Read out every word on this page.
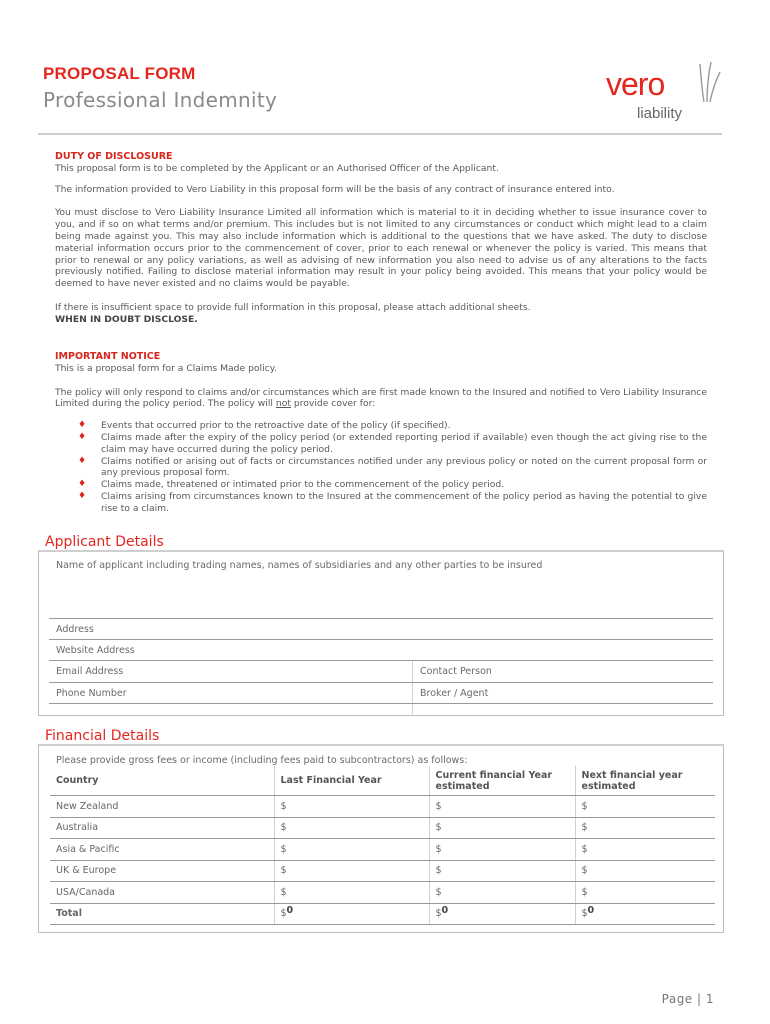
PROPOSAL FORM
Professional Indemnity	vero
liability
DUTY OF DISCLOSURE
This proposal form is to be completed by the Applicant or an Authorised Officer of the Applicant.
The information provided to Vero Liability in this proposal form will be the basis of any contract of insurance entered into.
You must disclose to Vero Liability Insurance Limited all information which is material to it in deciding whether to issue insurance cover to you, and if so on what terms and/or premium. This includes but is not limited to any circumstances or conduct which might lead to a claim being made against you. This may also include information which is additional to the questions that we have asked. The duty to disclose material information occurs prior to the commencement of cover, prior to each renewal or whenever the policy is varied. This means that prior to renewal or any policy variations, as well as advising of new information you also need to advise us of any alterations to the facts previously notified. Failing to disclose material information may result in your policy being avoided. This means that your policy would be deemed to have never existed and no claims would be payable.
If there is insufficient space to provide full information in this proposal, please attach additional sheets.
WHEN IN DOUBT DISCLOSE.
IMPORTANT NOTICE
This is a proposal form for a Claims Made policy.
The policy will only respond to claims and/or circumstances which are first made known to the Insured and notified to Vero Liability Insurance Limited during the policy period. The policy will not provide cover for:
♦ Events that occurred prior to the retroactive date of the policy (if specified).
♦ Claims made after the expiry of the policy period (or extended reporting period if available) even though the act giving rise to the claim may have occurred during the policy period.
♦ Claims notified or arising out of facts or circumstances notified under any previous policy or noted on the current proposal form or any previous proposal form.
♦ Claims made, threatened or intimated prior to the commencement of the policy period.
♦ Claims arising from circumstances known to the Insured at the commencement of the policy period as having the potential to give rise to a claim.
Applicant Details
Name of applicant including trading names, names of subsidiaries and any other parties to be insured
Address
Website Address
Email Address	Contact Person
Phone Number	Broker / Agent
Financial Details
Please provide gross fees or income (including fees paid to subcontractors) as follows:
Country	Last Financial Year	Current financial Year estimated	Next financial year estimated
New Zealand	$	$	$
Australia	$	$	$
Asia & Pacific	$	$	$
UK & Europe	$	$	$
USA/Canada	$	$	$
Total	$0	$0	$0
Page | 1
